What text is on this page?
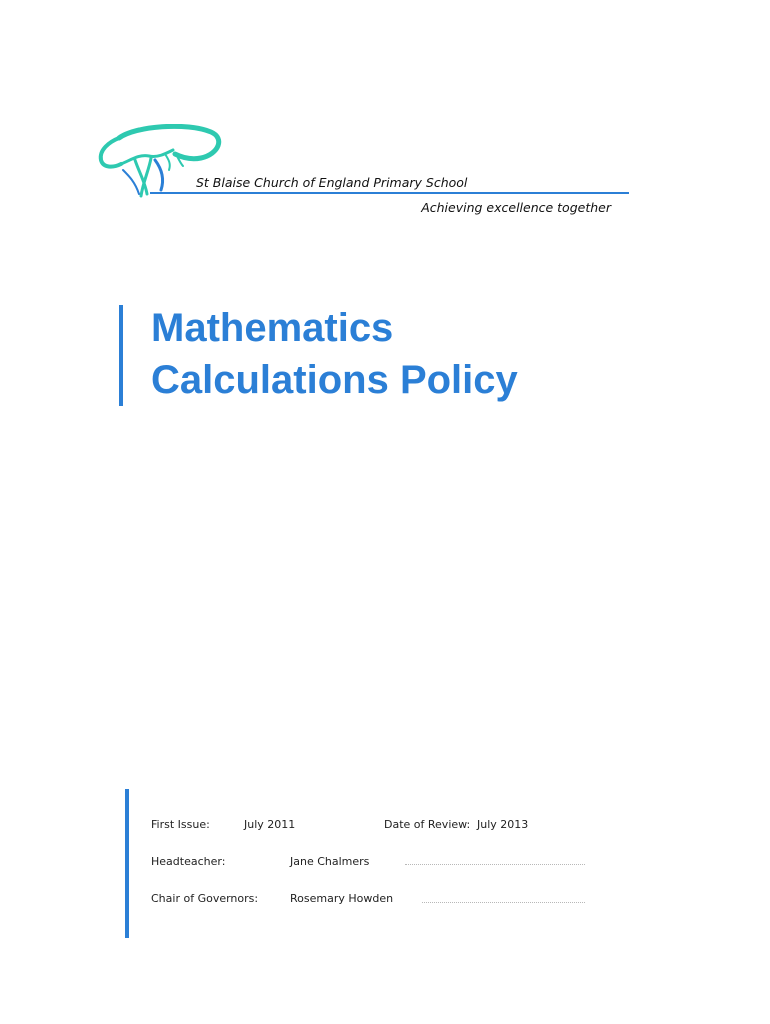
St Blaise Church of England Primary School
Achieving excellence together
Mathematics
Calculations Policy
First Issue:	July 2011	Date of Review: July 2013
Headteacher:	Jane Chalmers
Chair of Governors:	Rosemary Howden
